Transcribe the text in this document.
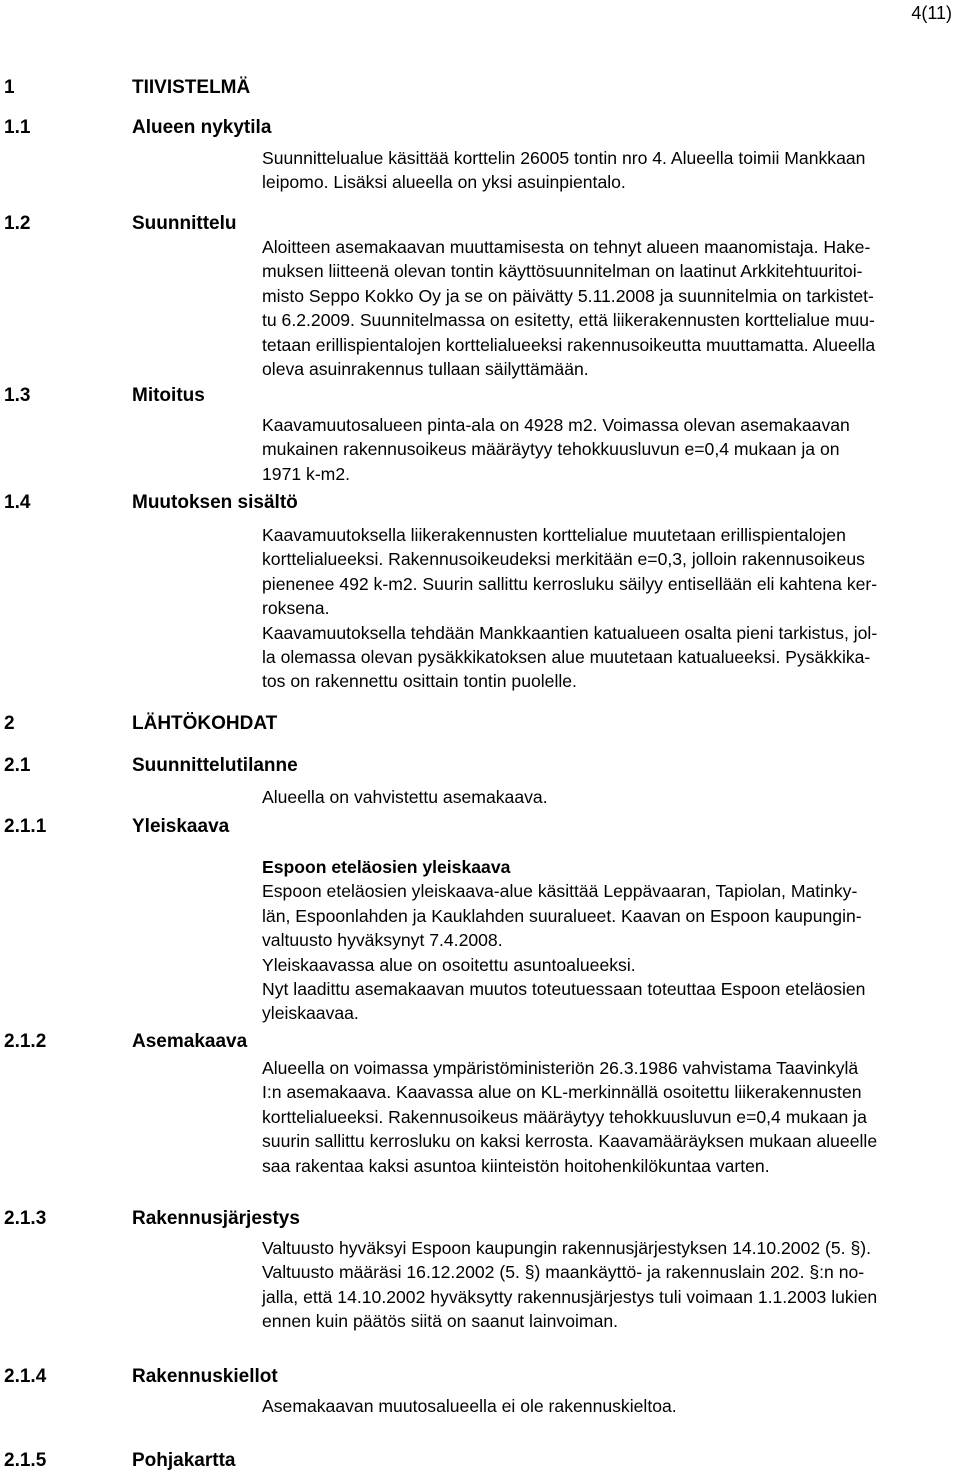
4(11)
1	TIIVISTELMÄ
1.1	Alueen nykytila
1.2	Suunnittelu
1.3	Mitoitus
1.4	Muutoksen sisältö
2	LÄHTÖKOHDAT
2.1	Suunnittelutilanne
2.1.1	Yleiskaava
2.1.2	Asemakaava
2.1.3	Rakennusjärjestys
2.1.4	Rakennuskiellot
2.1.5	Pohjakartta
Suunnittelualue käsittää korttelin 26005 tontin nro 4. Alueella toimii Mankkaan
leipomo. Lisäksi alueella on yksi asuinpientalo.
Aloitteen asemakaavan muuttamisesta on tehnyt alueen maanomistaja. Hake-
muksen liitteenä olevan tontin käyttösuunnitelman on laatinut Arkkitehtuuritoi-
misto Seppo Kokko Oy ja se on päivätty 5.11.2008 ja suunnitelmia on tarkistet-
tu 6.2.2009. Suunnitelmassa on esitetty, että liikerakennusten korttelialue muu-
tetaan erillispientalojen korttelialueeksi rakennusoikeutta muuttamatta. Alueella
oleva asuinrakennus tullaan säilyttämään.
Kaavamuutosalueen pinta-ala on 4928 m2. Voimassa olevan asemakaavan
mukainen rakennusoikeus määräytyy tehokkuusluvun e=0,4 mukaan ja on
1971 k-m2.
Kaavamuutoksella liikerakennusten korttelialue muutetaan erillispientalojen
korttelialueeksi. Rakennusoikeudeksi merkitään e=0,3, jolloin rakennusoikeus
pienenee 492 k-m2. Suurin sallittu kerrosluku säilyy entisellään eli kahtena ker-
roksena.
Kaavamuutoksella tehdään Mankkaantien katualueen osalta pieni tarkistus, jol-
la olemassa olevan pysäkkikatoksen alue muutetaan katualueeksi. Pysäkkika-
tos on rakennettu osittain tontin puolelle.
Alueella on vahvistettu asemakaava.
Espoon eteläosien yleiskaava
Espoon eteläosien yleiskaava-alue käsittää Leppävaaran, Tapiolan, Matinky-
län, Espoonlahden ja Kauklahden suuralueet. Kaavan on Espoon kaupungin-
valtuusto hyväksynyt 7.4.2008.
Yleiskaavassa alue on osoitettu asuntoalueeksi.
Nyt laadittu asemakaavan muutos toteutuessaan toteuttaa Espoon eteläosien
yleiskaavaa.
Alueella on voimassa ympäristöministeriön 26.3.1986 vahvistama Taavinkylä
I:n asemakaava. Kaavassa alue on KL-merkinnällä osoitettu liikerakennusten
korttelialueeksi. Rakennusoikeus määräytyy tehokkuusluvun e=0,4 mukaan ja
suurin sallittu kerrosluku on kaksi kerrosta. Kaavamääräyksen mukaan alueelle
saa rakentaa kaksi asuntoa kiinteistön hoitohenkilökuntaa varten.
Valtuusto hyväksyi Espoon kaupungin rakennusjärjestyksen 14.10.2002 (5. §).
Valtuusto määräsi 16.12.2002 (5. §) maankäyttö- ja rakennuslain 202. §:n no-
jalla, että 14.10.2002 hyväksytty rakennusjärjestys tuli voimaan 1.1.2003 lukien
ennen kuin päätös siitä on saanut lainvoiman.
Asemakaavan muutosalueella ei ole rakennuskieltoa.
